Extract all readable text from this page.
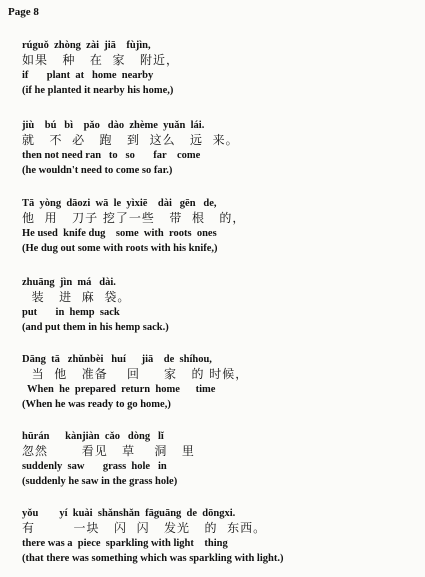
Page 8
rúguǒ  zhòng  zài  jiā    fùjìn,
如果   种   在  家   附近，
if       plant  at   home  nearby
(if he planted it nearby his home,)
jiù    bú   bì    pǎo   dào  zhème  yuǎn  lái.
就   不  必   跑   到  这么   远  来。
then not need ran   to   so       far    come
(he wouldn't need to come so far.)
Tā  yòng  dāozi  wā  le  yìxiē    dài   gēn   de,
他  用   刀子 挖了一些   带  根   的，
He used  knife dug    some  with  roots  ones
(He dug out some with roots with his knife,)
zhuāng  jìn  má   dài.
装   进  麻  袋。
put       in  hemp  sack
(and put them in his hemp sack.)
Dāng  tā   zhǔnbèi   huí      jiā    de  shíhou,
当  他   准备    回     家   的 时候，
When  he  prepared  return  home      time
(When he was ready to go home,)
hūrán      kànjiàn  cǎo   dòng   lǐ
忽然       看见   草    洞   里
suddenly  saw       grass  hole   in
(suddenly he saw in the grass hole)
yǒu        yí  kuài  shǎnshǎn  fāguāng  de  dōngxi.
有        一块   闪  闪   发光   的  东西。
there was a  piece  sparkling with light    thing
(that there was something which was sparkling with light.)
